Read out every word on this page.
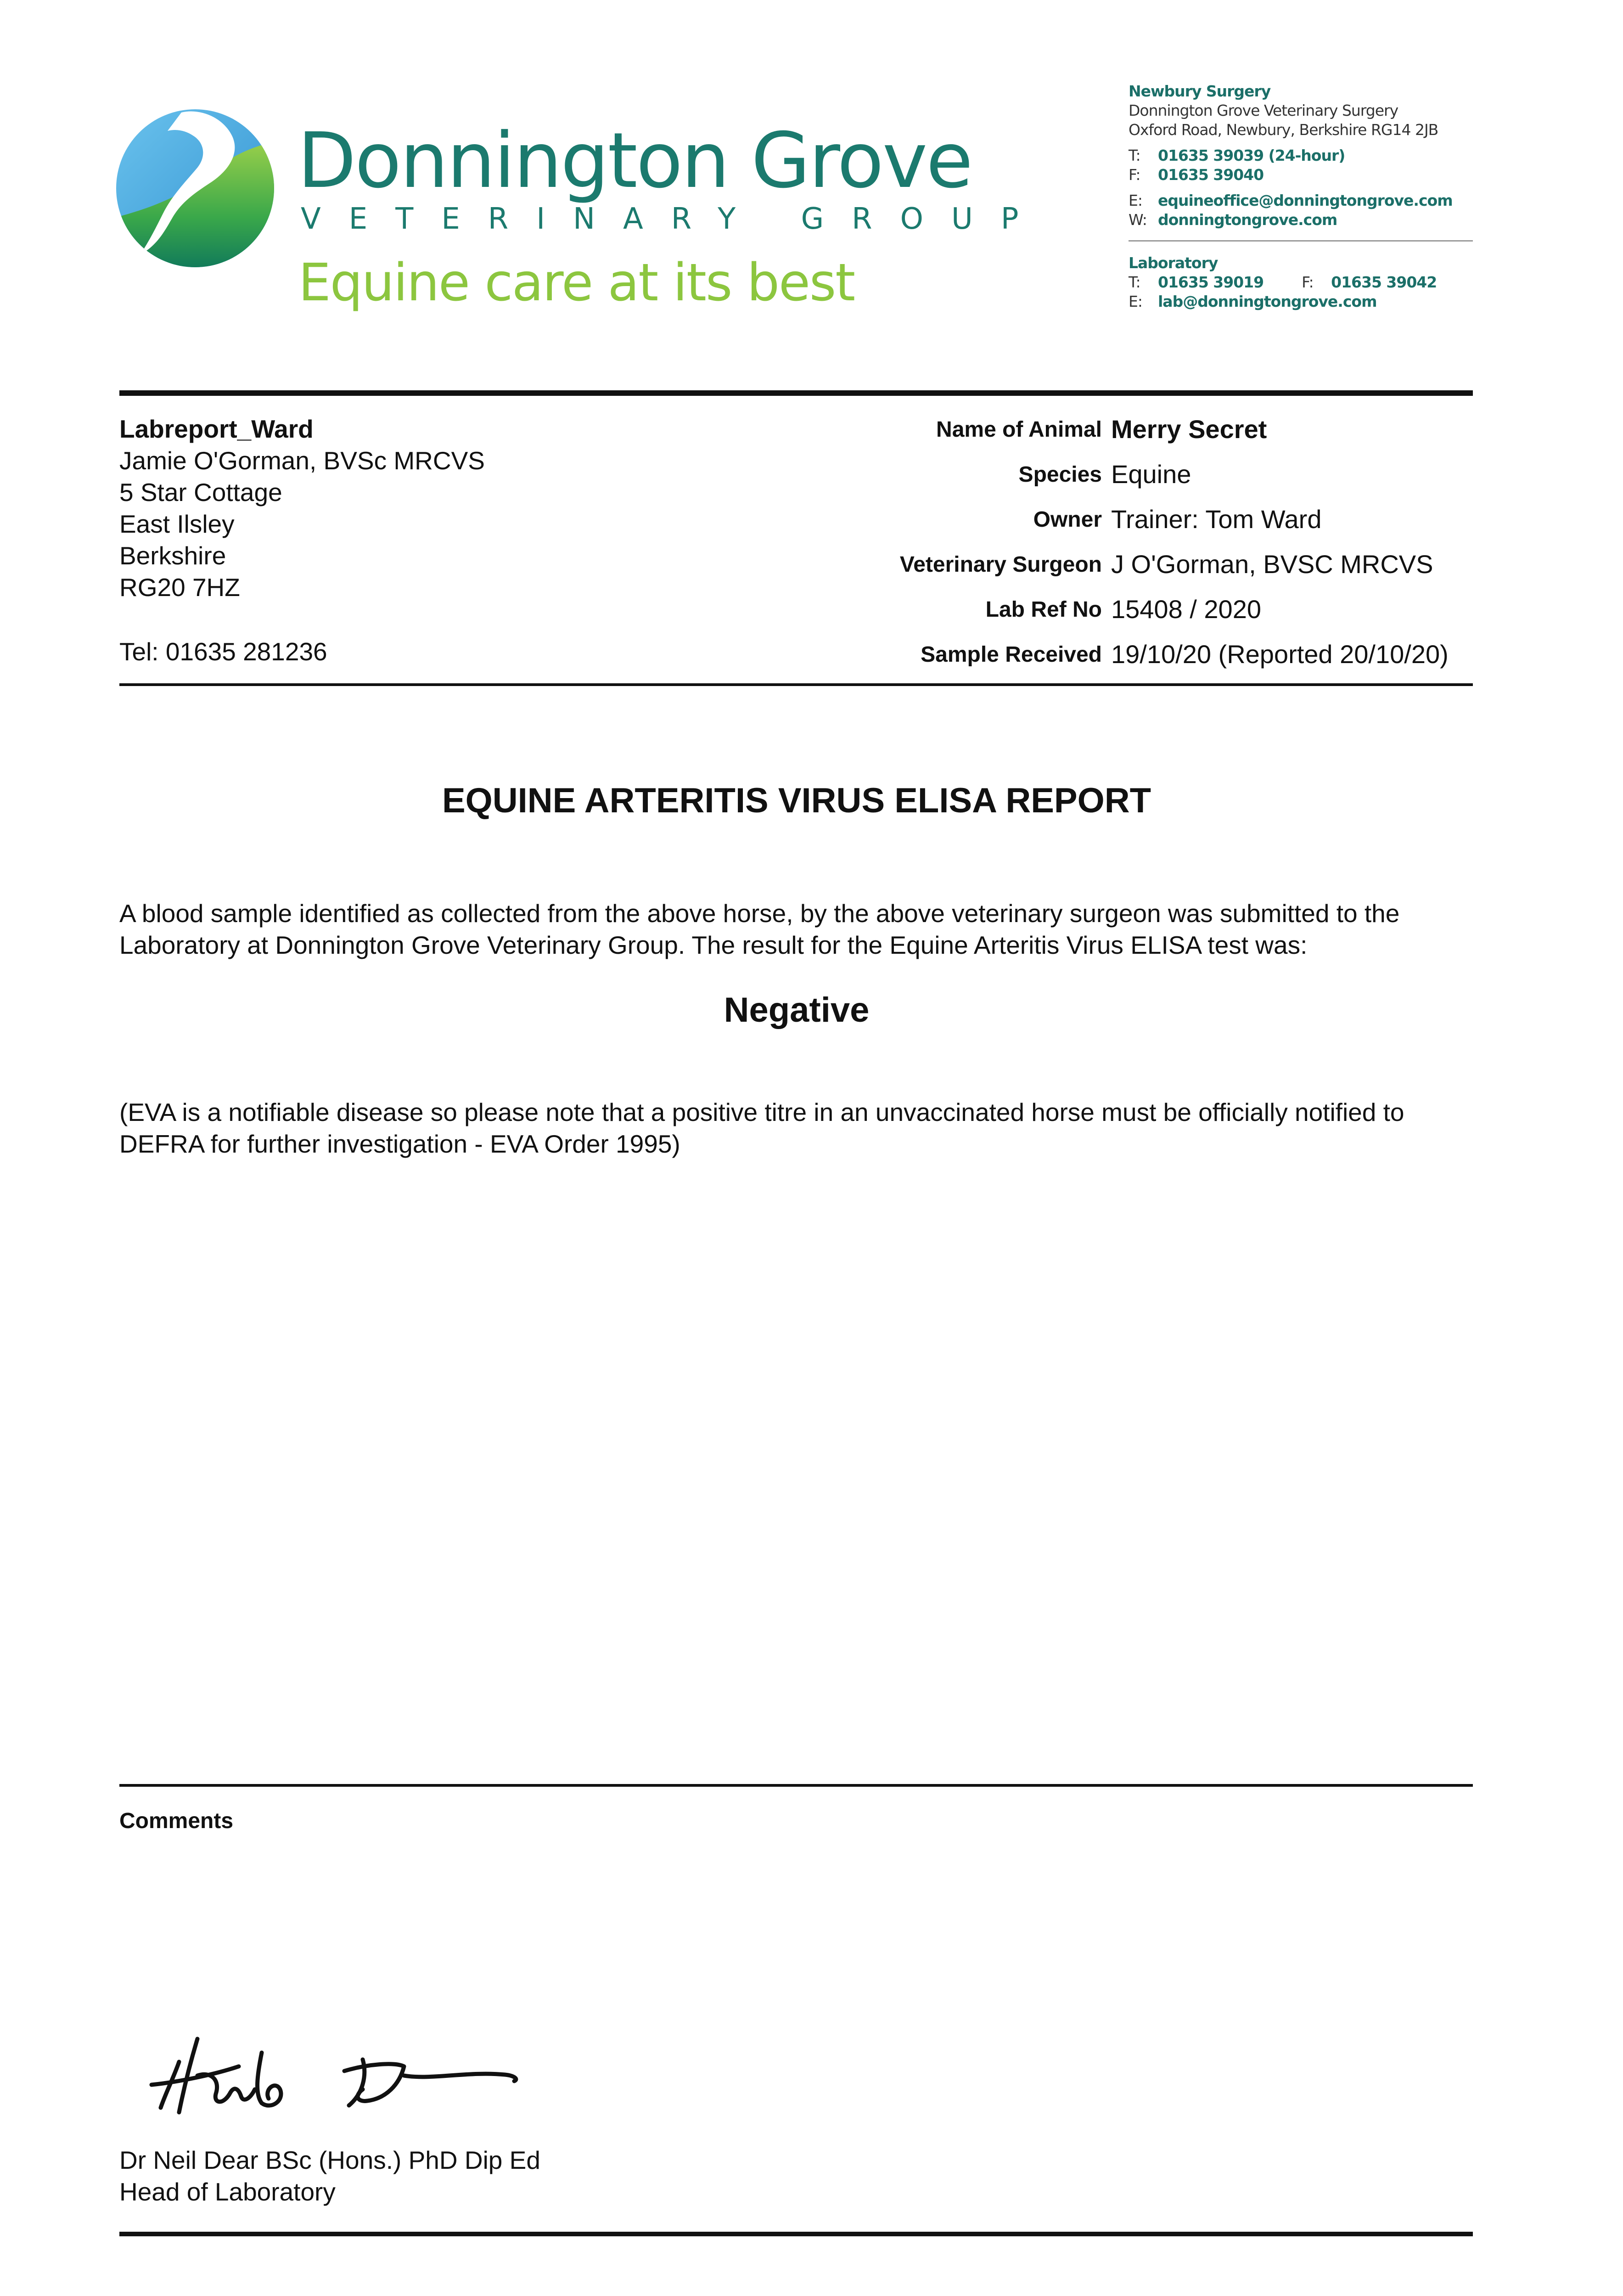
Donnington Grove
VETERINARY GROUP
Equine care at its best
Newbury Surgery
Donnington Grove Veterinary Surgery
Oxford Road, Newbury, Berkshire RG14 2JB
T: 01635 39039 (24-hour)
F: 01635 39040
E: equineoffice@donningtongrove.com
W: donningtongrove.com
Laboratory
T: 01635 39019	F: 01635 39042
E: lab@donningtongrove.com
Labreport_Ward
Jamie O'Gorman, BVSc MRCVS
5 Star Cottage
East Ilsley
Berkshire
RG20 7HZ
Tel: 01635 281236
Name of Animal Merry Secret
Species Equine
Owner Trainer: Tom Ward
Veterinary Surgeon J O'Gorman, BVSC MRCVS
Lab Ref No 15408 / 2020
Sample Received 19/10/20 (Reported 20/10/20)
EQUINE ARTERITIS VIRUS ELISA REPORT
A blood sample identified as collected from the above horse, by the above veterinary surgeon was submitted to the Laboratory at Donnington Grove Veterinary Group. The result for the Equine Arteritis Virus ELISA test was:
Negative
(EVA is a notifiable disease so please note that a positive titre in an unvaccinated horse must be officially notified to DEFRA for further investigation - EVA Order 1995)
Comments
Dr Neil Dear BSc (Hons.) PhD Dip Ed
Head of Laboratory
